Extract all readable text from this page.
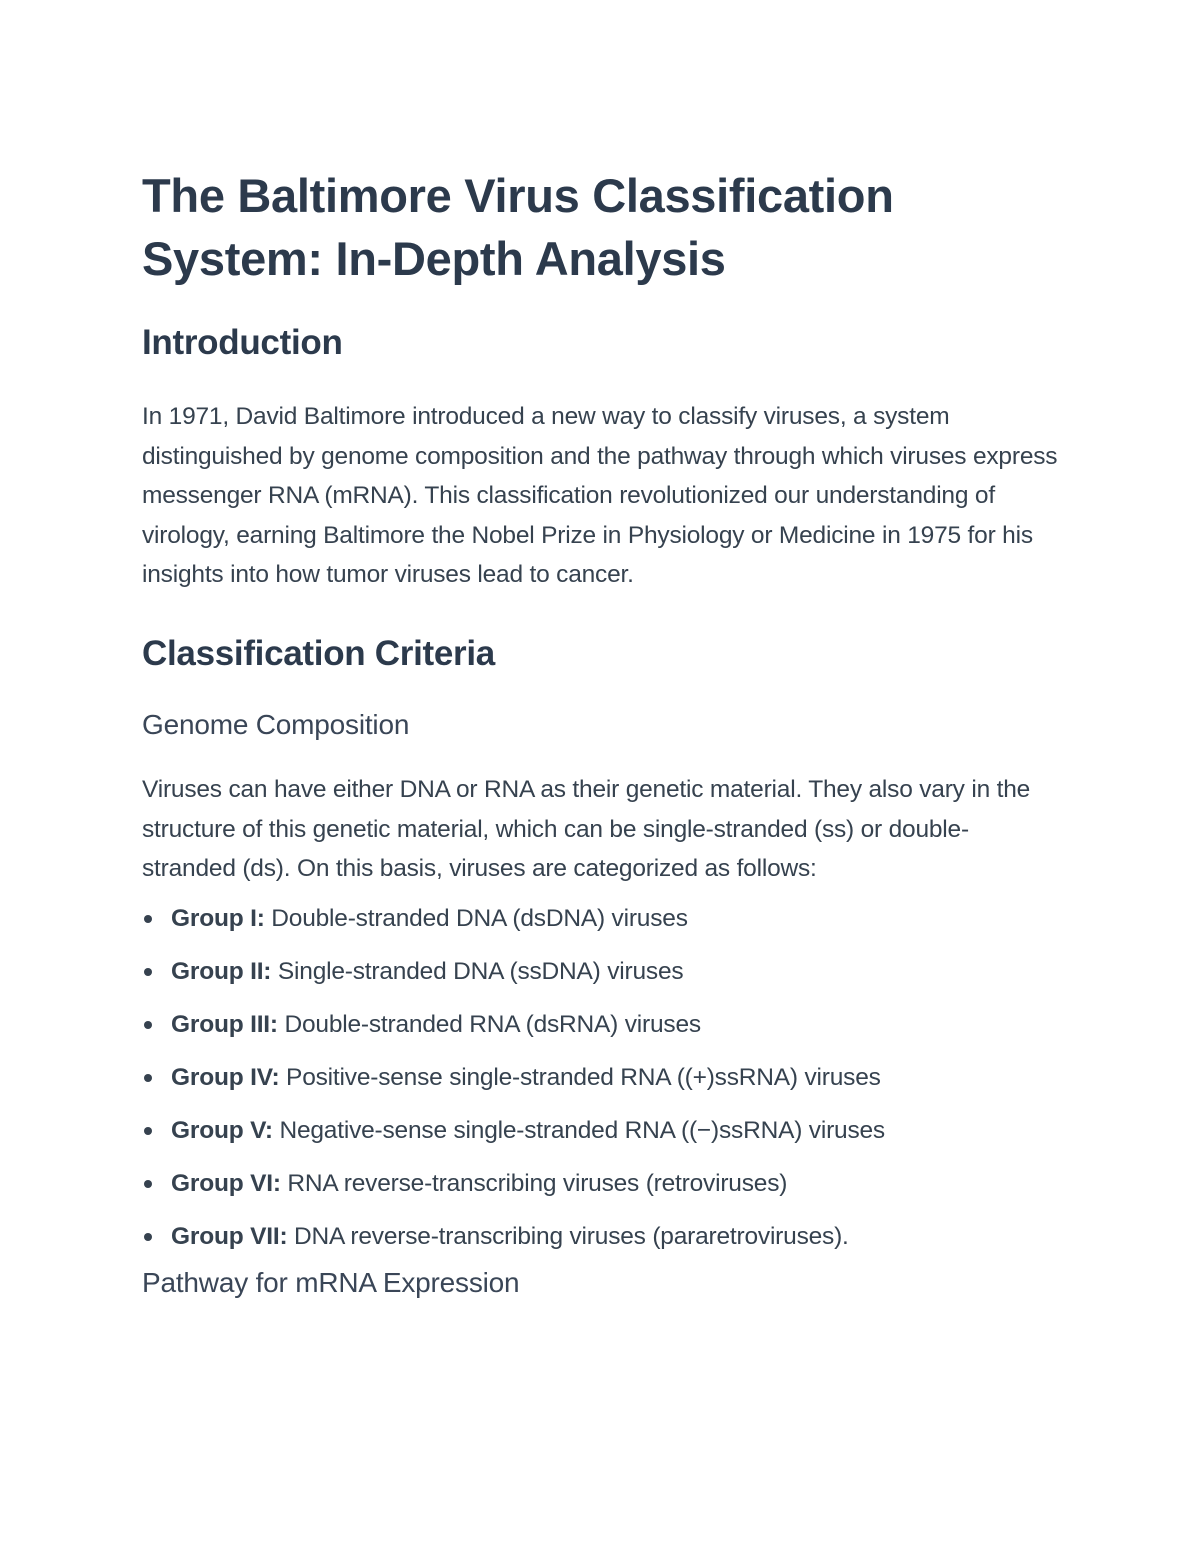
The Baltimore Virus Classification System: In-Depth Analysis
Introduction

In 1971, David Baltimore introduced a new way to classify viruses, a system distinguished by genome composition and the pathway through which viruses express messenger RNA (mRNA). This classification revolutionized our understanding of virology, earning Baltimore the Nobel Prize in Physiology or Medicine in 1975 for his insights into how tumor viruses lead to cancer.

Classification Criteria
Genome Composition

Viruses can have either DNA or RNA as their genetic material. They also vary in the structure of this genetic material, which can be single-stranded (ss) or double-stranded (ds). On this basis, viruses are categorized as follows:

Group I: Double-stranded DNA (dsDNA) viruses
Group II: Single-stranded DNA (ssDNA) viruses
Group III: Double-stranded RNA (dsRNA) viruses
Group IV: Positive-sense single-stranded RNA ((+)ssRNA) viruses
Group V: Negative-sense single-stranded RNA ((−)ssRNA) viruses
Group VI: RNA reverse-transcribing viruses (retroviruses)
Group VII: DNA reverse-transcribing viruses (pararetroviruses).
Pathway for mRNA Expression
